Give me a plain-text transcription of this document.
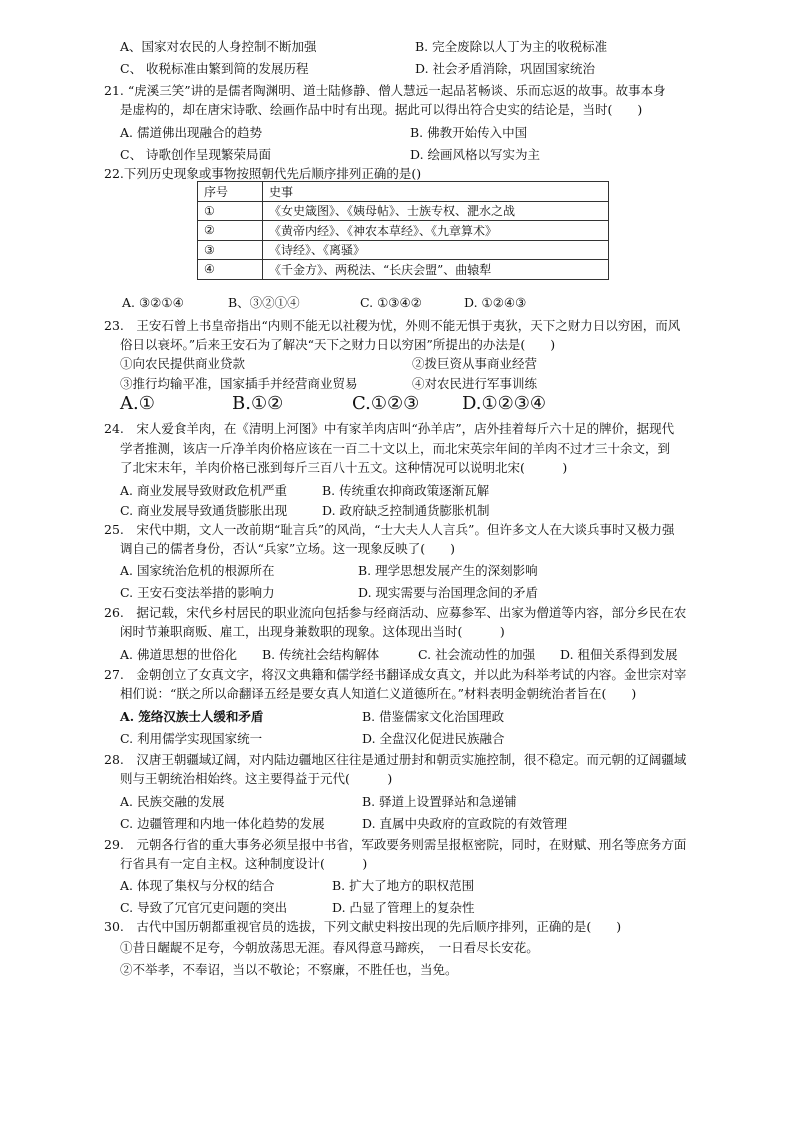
A、国家对农民的人身控制不断加强	B. 完全废除以人丁为主的收税标准
C、 收税标准由繁到简的发展历程	D. 社会矛盾消除，巩固国家统治
21. “虎溪三笑”讲的是儒者陶渊明、道士陆修静、僧人慧远一起品茗畅谈、乐而忘返的故事。故事本身
是虚构的，却在唐宋诗歌、绘画作品中时有出现。据此可以得出符合史实的结论是，当时(　　)
A. 儒道佛出现融合的趋势	B. 佛教开始传入中国
C、 诗歌创作呈现繁荣局面	D. 绘画风格以写实为主
22.下列历史现象或事物按照朝代先后顺序排列正确的是()
序号	史事
①	《女史箴图》、《姨母帖》、士族专权、淝水之战
②	《黄帝内经》、《神农本草经》、《九章算术》
③	《诗经》、《离骚》
④	《千金方》、两税法、“长庆会盟”、曲辕犁
A. ③②①④	B、③②①④	C. ①③④②	D. ①②④③
23.　王安石曾上书皇帝指出“内则不能无以社稷为忧，外则不能无惧于夷狄，天下之财力日以穷困，而风
俗日以衰坏。”后来王安石为了解决“天下之财力日以穷困”所提出的办法是(　　)
①向农民提供商业贷款	②拨巨资从事商业经营
③推行均输平准，国家插手并经营商业贸易	④对农民进行军事训练
A.①	B.①②	C.①②③ D.①②③④
24.　宋人爱食羊肉，在《清明上河图》中有家羊肉店叫“孙羊店”，店外挂着每斤六十足的牌价，据现代
学者推测，该店一斤净羊肉价格应该在一百二十文以上，而北宋英宗年间的羊肉不过才三十余文，到
了北宋末年，羊肉价格已涨到每斤三百八十五文。这种情况可以说明北宋(　　　)
A. 商业发展导致财政危机严重	B. 传统重农抑商政策逐渐瓦解
C. 商业发展导致通货膨胀出现	D. 政府缺乏控制通货膨胀机制
25.　宋代中期，文人一改前期“耻言兵”的风尚，“士大夫人人言兵”。但许多文人在大谈兵事时又极力强
调自己的儒者身份，否认“兵家”立场。这一现象反映了(　　)
A. 国家统治危机的根源所在	B. 理学思想发展产生的深刻影响
C. 王安石变法举措的影响力	D. 现实需要与治国理念间的矛盾
26.　据记载，宋代乡村居民的职业流向包括参与经商活动、应募参军、出家为僧道等内容，部分乡民在农
闲时节兼职商贩、雇工，出现身兼数职的现象。这体现出当时(　　　)
A. 佛道思想的世俗化 B. 传统社会结构解体	C. 社会流动性的加强 D. 租佃关系得到发展
27.　金朝创立了女真文字，将汉文典籍和儒学经书翻译成女真文，并以此为科举考试的内容。金世宗对宰
相们说：“朕之所以命翻译五经是要女真人知道仁义道德所在。”材料表明金朝统治者旨在(　　)
A. 笼络汉族士人缓和矛盾	B. 借鉴儒家文化治国理政
C. 利用儒学实现国家统一	D. 全盘汉化促进民族融合
28.　汉唐王朝疆域辽阔，对内陆边疆地区往往是通过册封和朝贡实施控制，很不稳定。而元朝的辽阔疆域
则与王朝统治相始终。这主要得益于元代(　　　)
A. 民族交融的发展	B. 驿道上设置驿站和急递铺
C. 边疆管理和内地一体化趋势的发展	D. 直属中央政府的宣政院的有效管理
29.　元朝各行省的重大事务必须呈报中书省，军政要务则需呈报枢密院，同时，在财赋、刑名等庶务方面
行省具有一定自主权。这种制度设计(　　　)
A. 体现了集权与分权的结合	B. 扩大了地方的职权范围
C. 导致了冗官冗吏问题的突出	D. 凸显了管理上的复杂性
30.　古代中国历朝都重视官员的选拔，下列文献史料按出现的先后顺序排列，正确的是(　　)
①昔日龌龊不足夸，今朝放荡思无涯。春风得意马蹄疾，　一日看尽长安花。
②不举孝，不奉诏，当以不敬论；不察廉，不胜任也，当免。
